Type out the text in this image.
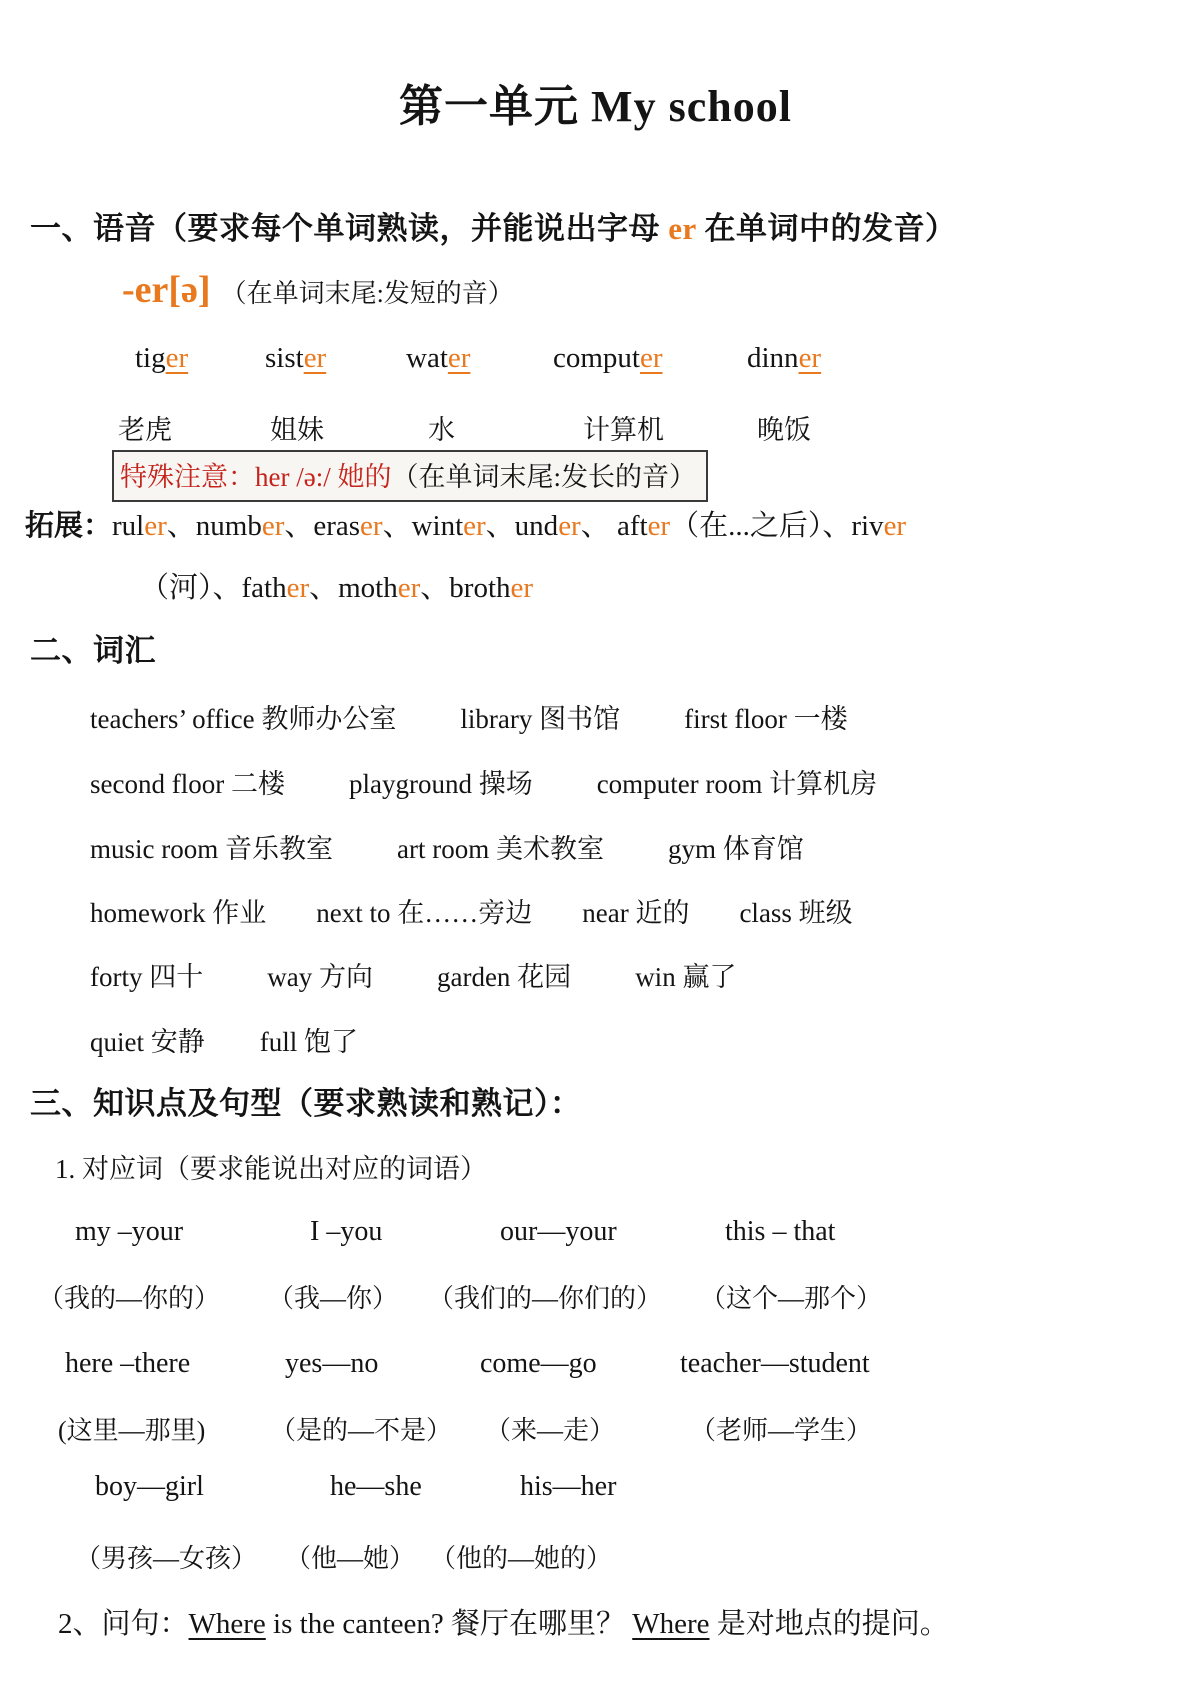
第一单元 My school
一、语音（要求每个单词熟读，并能说出字母 er 在单词中的发音）
-er[ə] （在单词末尾:发短的音）
tiger	sister	water	computer	dinner
老虎	姐妹	水	计算机	晚饭
特殊注意：her /ə:/ 她的（在单词末尾:发长的音）
拓展：ruler、number、eraser、winter、under、 after（在...之后）、river
（河）、father、mother、brother
二、词汇
teachers’ office 教师办公室 library 图书馆 first floor 一楼
second floor 二楼 playground 操场 computer room 计算机房
music room 音乐教室 art room 美术教室 gym 体育馆
homework 作业 next to 在……旁边 near 近的 class 班级
forty 四十 way 方向 garden 花园 win 赢了
quiet 安静 full 饱了
三、知识点及句型（要求熟读和熟记）：
1. 对应词（要求能说出对应的词语）
my –your	I –you	our—your	this – that
（我的—你的） （我—你） （我们的—你们的） （这个—那个）
here –there	yes—no	come—go	teacher—student
(这里—那里) （是的—不是） （来—走）	（老师—学生）
boy—girl	he—she	his—her
（男孩—女孩） （他—她） （他的—她的）
2、问句：Where is the canteen? 餐厅在哪里？ Where 是对地点的提问。
